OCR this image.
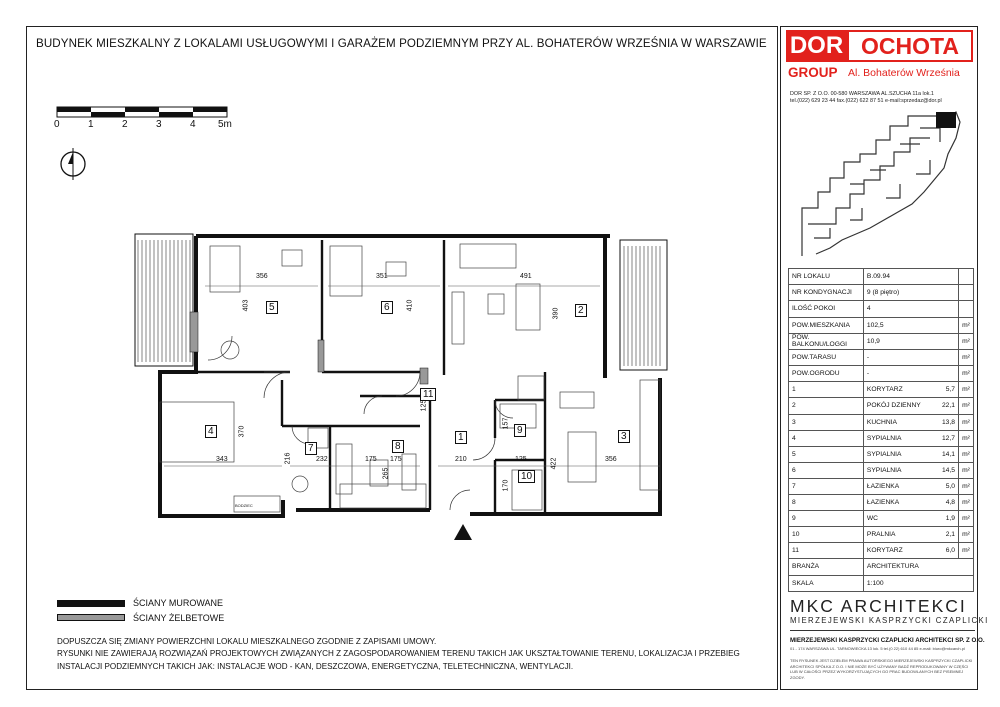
BUDYNEK MIESZKALNY Z LOKALAMI USŁUGOWYMI I GARAŻEM PODZIEMNYM PRZY AL. BOHATERÓW WRZEŚNIA W WARSZAWIE
0	1	2	3	4 5m
1
2
3
4
5	6
7	8
9
10
11
356	351	491
403	410
390
370
343	216	232	175	210	125
157
125
170
422	356
265
175
BODZIEC
ŚCIANY MUROWANE
ŚCIANY ŻELBETOWE
DOPUSZCZA SIĘ ZMIANY POWIERZCHNI LOKALU MIESZKALNEGO ZGODNIE Z ZAPISAMI UMOWY.
RYSUNKI NIE ZAWIERAJĄ ROZWIĄZAŃ PROJEKTOWYCH ZWIĄZANYCH Z ZAGOSPODAROWANIEM TERENU TAKICH JAK UKSZTAŁTOWANIE TERENU, LOKALIZACJA I PRZEBIEG
INSTALACJI PODZIEMNYCH TAKICH JAK: INSTALACJE WOD - KAN, DESZCZOWA, ENERGETYCZNA, TELETECHNICZNA, WENTYLACJI.
DOR OCHOTA
GROUP Al. Bohaterów Września
DOR SP. Z O.O. 00-580 WARSZAWA AL.SZUCHA 11a lok.1
tel.(022) 629 23 44 fax.(022) 622 87 51 e-mail:sprzedaz@dor.pl
NR LOKALU	B.09.94	
NR KONDYGNACJI	9 (8 piętro)	
ILOŚĆ POKOI	4	
POW.MIESZKANIA	102,5	m²
POW. BALKONU/LOGGI	10,9	m²
POW.TARASU	-	m²
POW.OGRODU	-	m²
1	KORYTARZ 5,7	m²
2	POKÓJ DZIENNY 22,1	m²
3	KUCHNIA 13,8	m²
4	SYPIALNIA 12,7	m²
5	SYPIALNIA 14,1	m²
6	SYPIALNIA 14,5	m²
7	ŁAZIENKA 5,0	m²
8	ŁAZIENKA 4,8	m²
9	WC 1,9	m²
10	PRALNIA 2,1	m²
11	KORYTARZ 6,0	m²
BRANŻA	ARCHITEKTURA	
SKALA	1:100	
MKC ARCHITEKCI
MIERZEJEWSKI KASPRZYCKI CZAPLICKI
MIERZEJEWSKI KASPRZYCKI CZAPLICKI ARCHITEKCI SP. Z O.O.
01 - 174 WARSZAWA UL. TARNOWIECKA 13 lok. 5 tel.(0 22) 610 44 85 e-mail: biuro@mkcarch.pl
TEN RYSUNEK JEST DZIEŁEM PRAWA AUTORSKIEGO MIERZEJEWSKI KASPRZYCKI CZAPLICKI ARCHITEKCI SPÓŁKA Z O.O. I NIE MOŻE BYĆ UŻYWANY BADŹ REPRODUKOWANY W CZĘŚCI LUB W CAŁOŚCI PRZEZ WYKORZYSTUJĄCYCH GO PRAC BUDOWLANYCH BEZ PISEMNEJ ZGODY.
